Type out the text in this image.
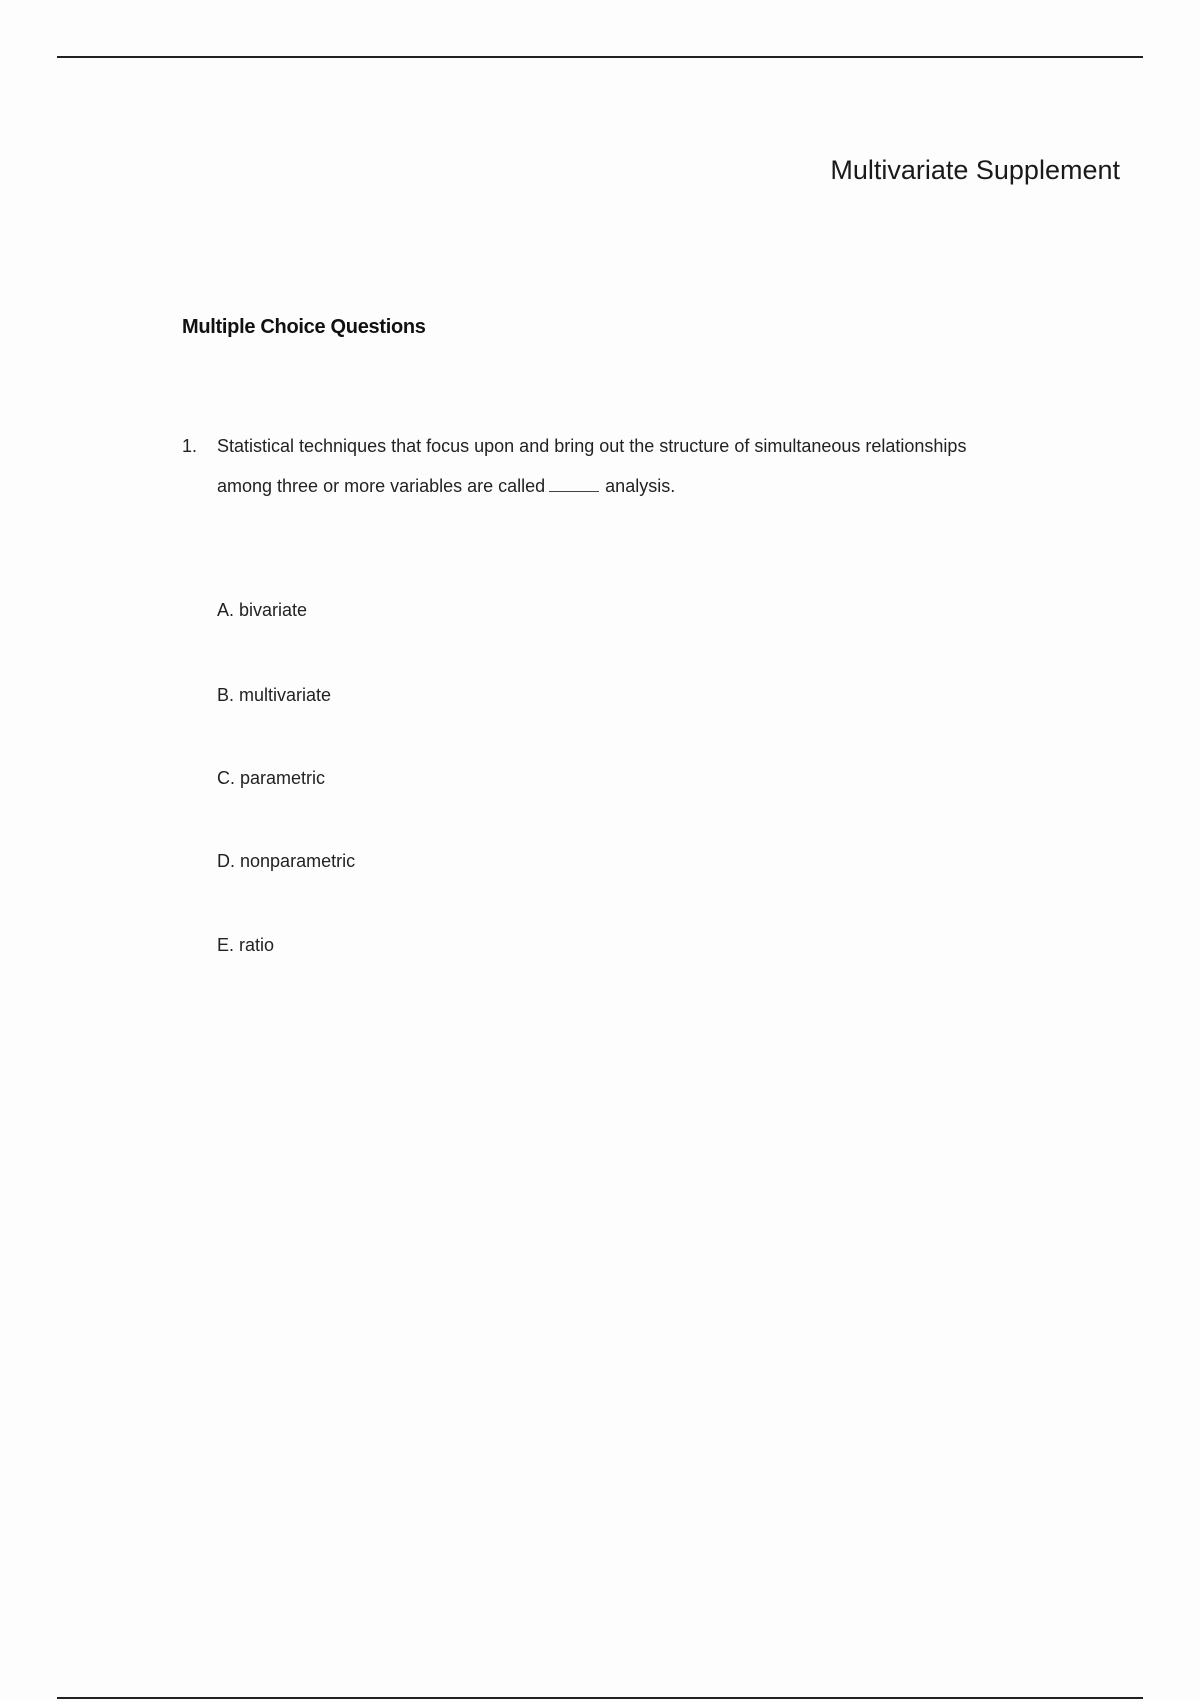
Multivariate Supplement
Multiple Choice Questions
1. Statistical techniques that focus upon and bring out the structure of simultaneous relationships among three or more variables are called	analysis.
A. bivariate
B. multivariate
C. parametric
D. nonparametric
E. ratio
